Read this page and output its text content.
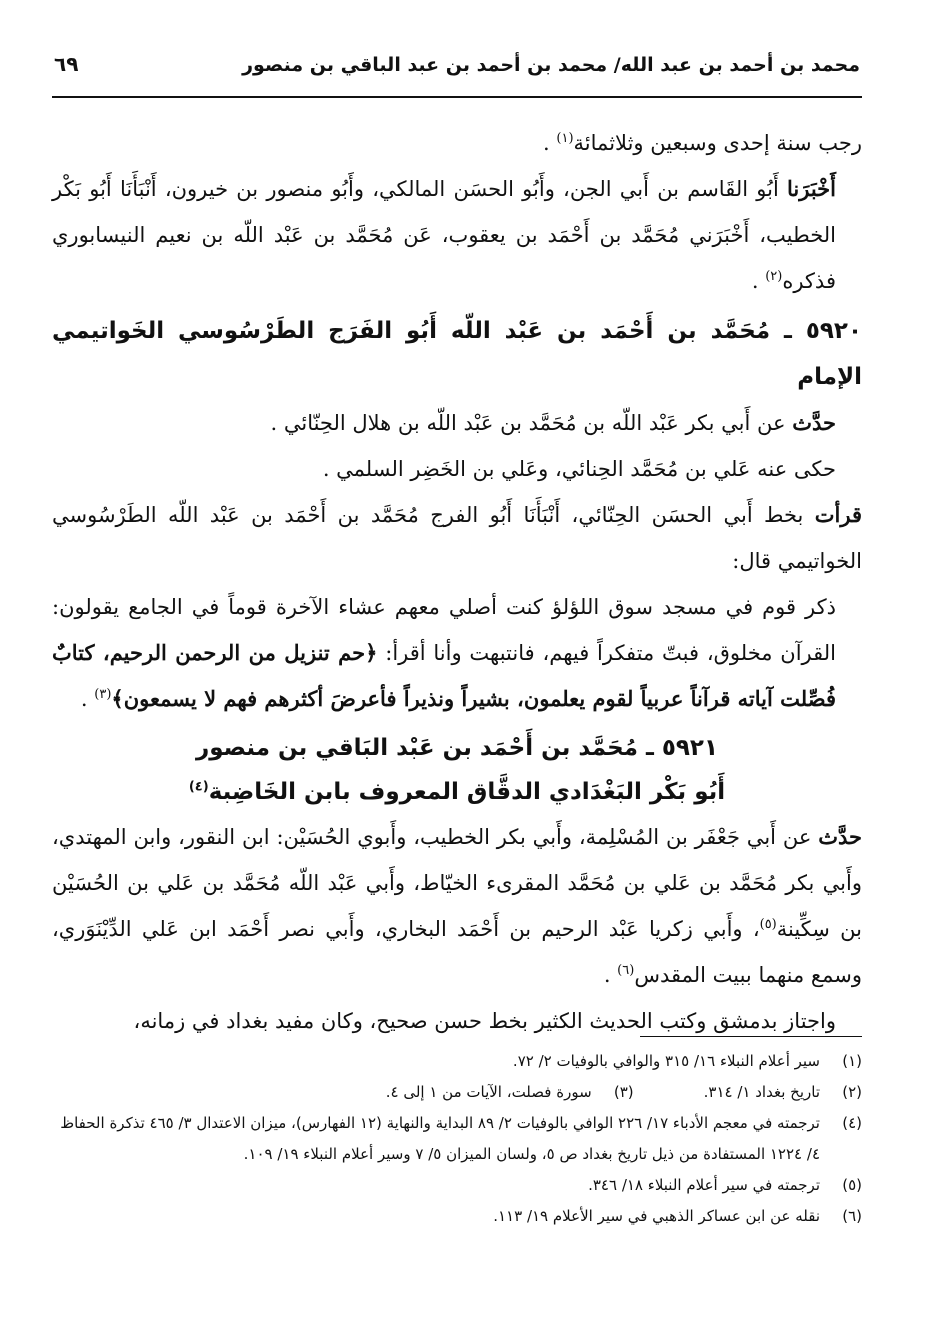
محمد بن أحمد بن عبد الله/ محمد بن أحمد بن عبد الباقي بن منصور
٦٩

رجب سنة إحدى وسبعين وثلاثمائة$^{(١)}$ .

أَخْبَرَنا أَبُو القَاسم بن أَبي الجن، وأَبُو الحسَن المالكي، وأَبُو منصور بن خيرون، أَنْبَأَنَا أَبُو بَكْر الخطيب، أَخْبَرَني مُحَمَّد بن أَحْمَد بن يعقوب، عَن مُحَمَّد بن عَبْد اللّه بن نعيم النيسابوري فذكره$^{(٢)}$ .

٥٩٢٠ ـ مُحَمَّد بن أَحْمَد بن عَبْد اللّه أَبُو الفَرَج الطَرْسُوسي الخَواتيمي الإمام

حدَّث عن أَبي بكر عَبْد اللّه بن مُحَمَّد بن عَبْد اللّه بن هلال الحِنّائي .

حكى عنه عَلي بن مُحَمَّد الحِنائي، وعَلي بن الخَضِر السلمي .

قرأت بخط أَبي الحسَن الحِنّائي، أَنْبَأَنَا أَبُو الفرج مُحَمَّد بن أَحْمَد بن عَبْد اللّه الطَرْسُوسي الخواتيمي قال:

ذكر قوم في مسجد سوق اللؤلؤ كنت أصلي معهم عشاء الآخرة قوماً في الجامع يقولون: القرآن مخلوق، فبتّ متفكراً فيهم، فانتبهت وأنا أقرأ: ﴿حم تنزيل من الرحمن الرحيم، كتابٌ فُصِّلت آياته قرآناً عربياً لقوم يعلمون، بشيراً ونذيراً فأعرضَ أكثرهم فهم لا يسمعون﴾$^{(٣)}$ .

٥٩٢١ ـ مُحَمَّد بن أَحْمَد بن عَبْد البَاقي بن منصور
أَبُو بَكْر البَغْدَادي الدقَّاق المعروف بابن الخَاضِبة$^{(٤)}$

حدَّث عن أَبي جَعْفَر بن المُسْلِمة، وأَبي بكر الخطيب، وأَبوي الحُسَيْن: ابن النقور، وابن المهتدي، وأَبي بكر مُحَمَّد بن عَلي بن مُحَمَّد المقرىء الخيّاط، وأَبي عَبْد اللّه مُحَمَّد بن عَلي بن الحُسَيْن بن سِكِّينة$^{(٥)}$، وأَبي زكريا عَبْد الرحيم بن أَحْمَد البخاري، وأَبي نصر أَحْمَد ابن عَلي الدِّيْنَوَري، وسمع منهما ببيت المقدس$^{(٦)}$ .

واجتاز بدمشق وكتب الحديث الكثير بخط حسن صحيح، وكان مفيد بغداد في زمانه،

(١)
سير أعلام النبلاء ١٦/ ٣١٥ والوافي بالوفيات ٢/ ٧٢.
(٢)
تاريخ بغداد ١/ ٣١٤.
(٣)
سورة فصلت، الآيات من ١ إلى ٤.
(٤)
ترجمته في معجم الأدباء ١٧/ ٢٢٦ الوافي بالوفيات ٢/ ٨٩ البداية والنهاية (١٢ الفهارس)، ميزان الاعتدال ٣/ ٤٦٥ تذكرة الحفاظ ٤/ ١٢٢٤ المستفادة من ذيل تاريخ بغداد ص ٥، ولسان الميزان ٥/ ٧ وسير أعلام النبلاء ١٩/ ١٠٩.
(٥)
ترجمته في سير أعلام النبلاء ١٨/ ٣٤٦.
(٦)
نقله عن ابن عساكر الذهبي في سير الأعلام ١٩/ ١١٣.
